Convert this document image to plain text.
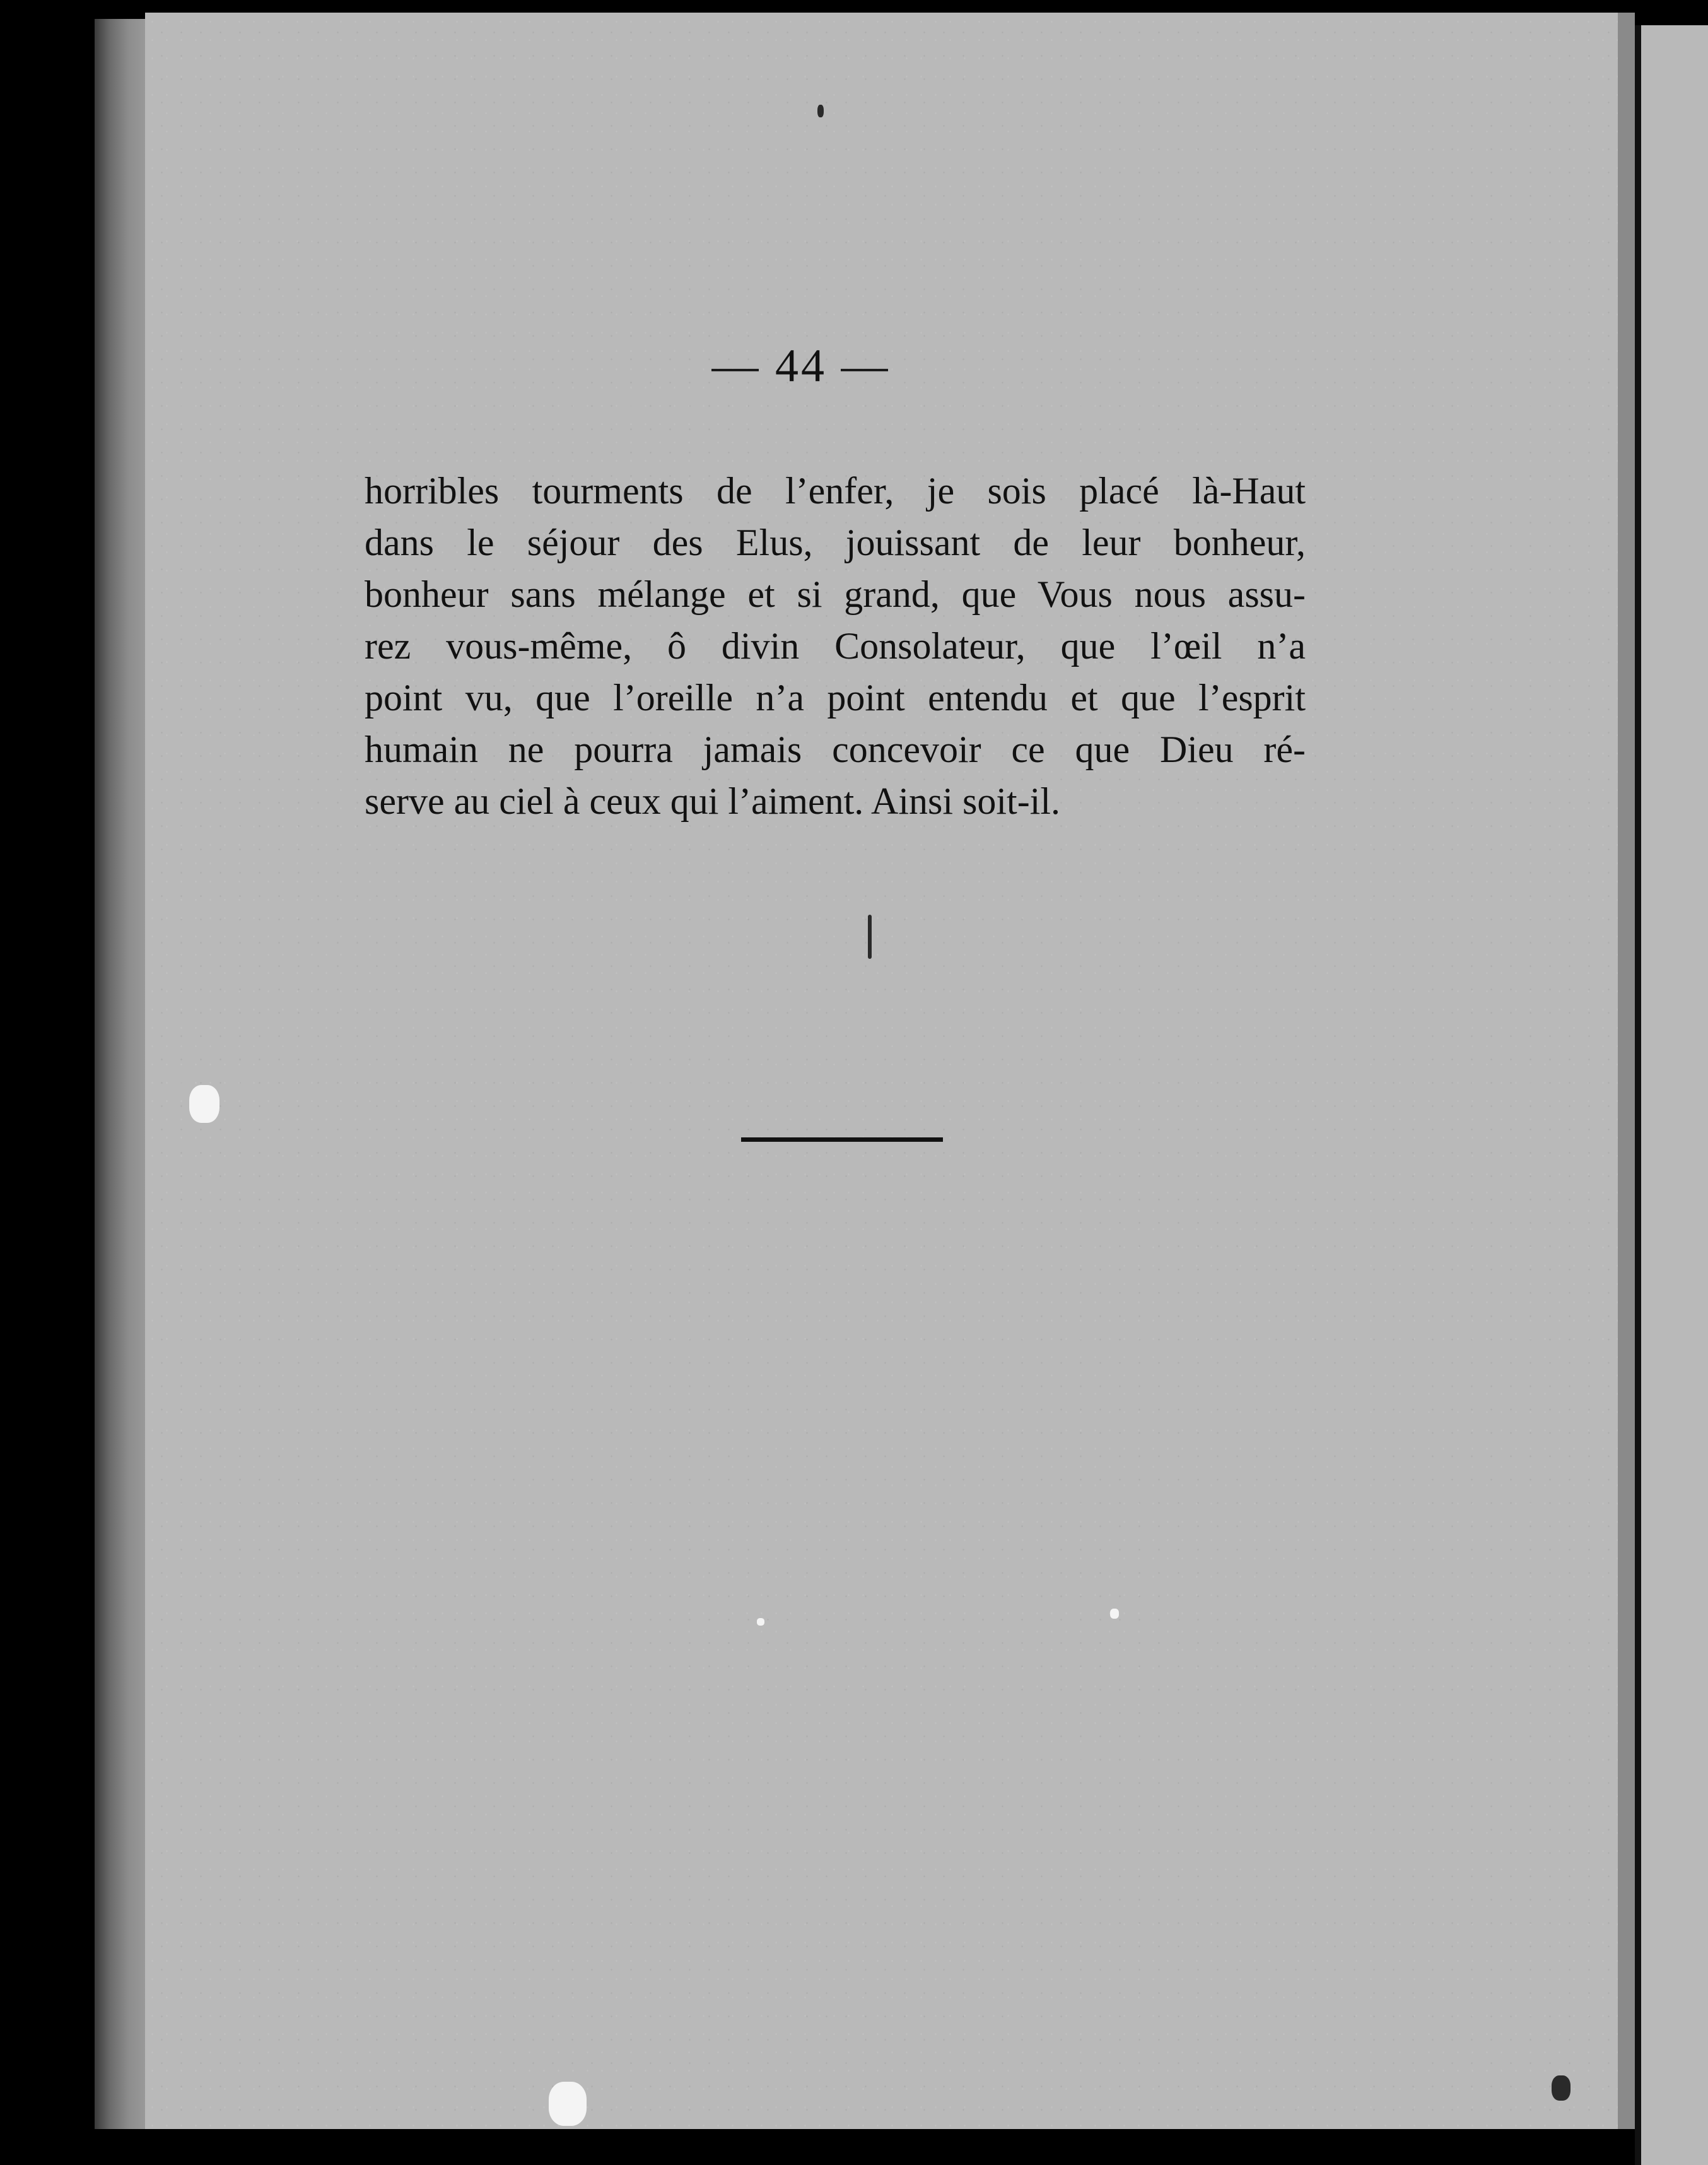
— 44 —
horribles tourments de l’enfer, je sois placé là-Haut
dans le séjour des Elus, jouissant de leur bonheur,
bonheur sans mélange et si grand, que Vous nous assu-
rez vous-même, ô divin Consolateur, que l’œil n’a
point vu, que l’oreille n’a point entendu et que l’esprit
humain ne pourra jamais concevoir ce que Dieu ré-
serve au ciel à ceux qui l’aiment. Ainsi soit-il.
